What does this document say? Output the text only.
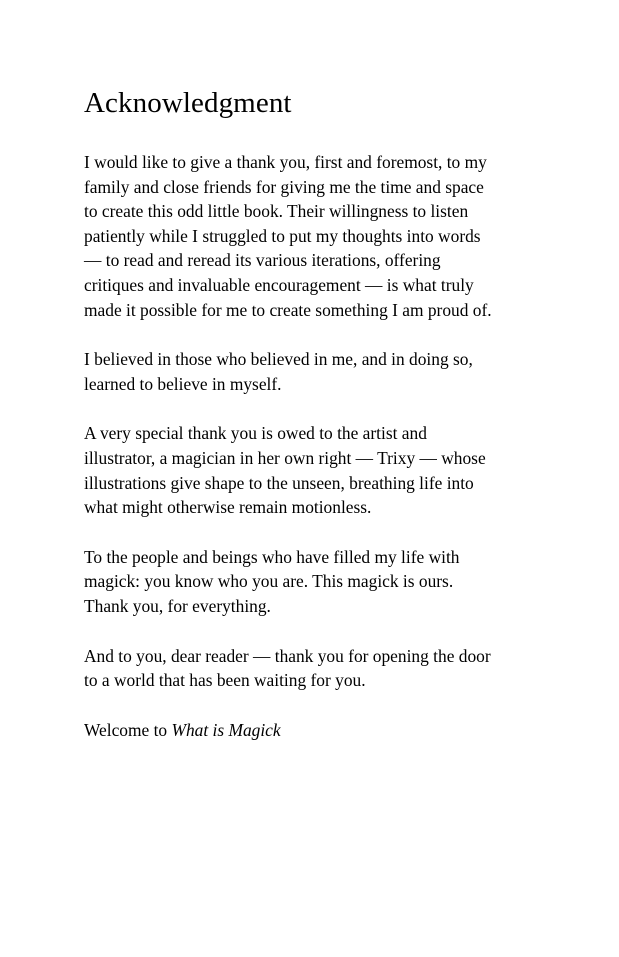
Acknowledgment

I would like to give a thank you, first and foremost, to my
family and close friends for giving me the time and space
to create this odd little book. Their willingness to listen
patiently while I struggled to put my thoughts into words
— to read and reread its various iterations, offering
critiques and invaluable encouragement — is what truly
made it possible for me to create something I am proud of.

I believed in those who believed in me, and in doing so,
learned to believe in myself.

A very special thank you is owed to the artist and
illustrator, a magician in her own right — Trixy — whose
illustrations give shape to the unseen, breathing life into
what might otherwise remain motionless.

To the people and beings who have filled my life with
magick: you know who you are. This magick is ours.
Thank you, for everything.

And to you, dear reader — thank you for opening the door
to a world that has been waiting for you.

Welcome to What is Magick
